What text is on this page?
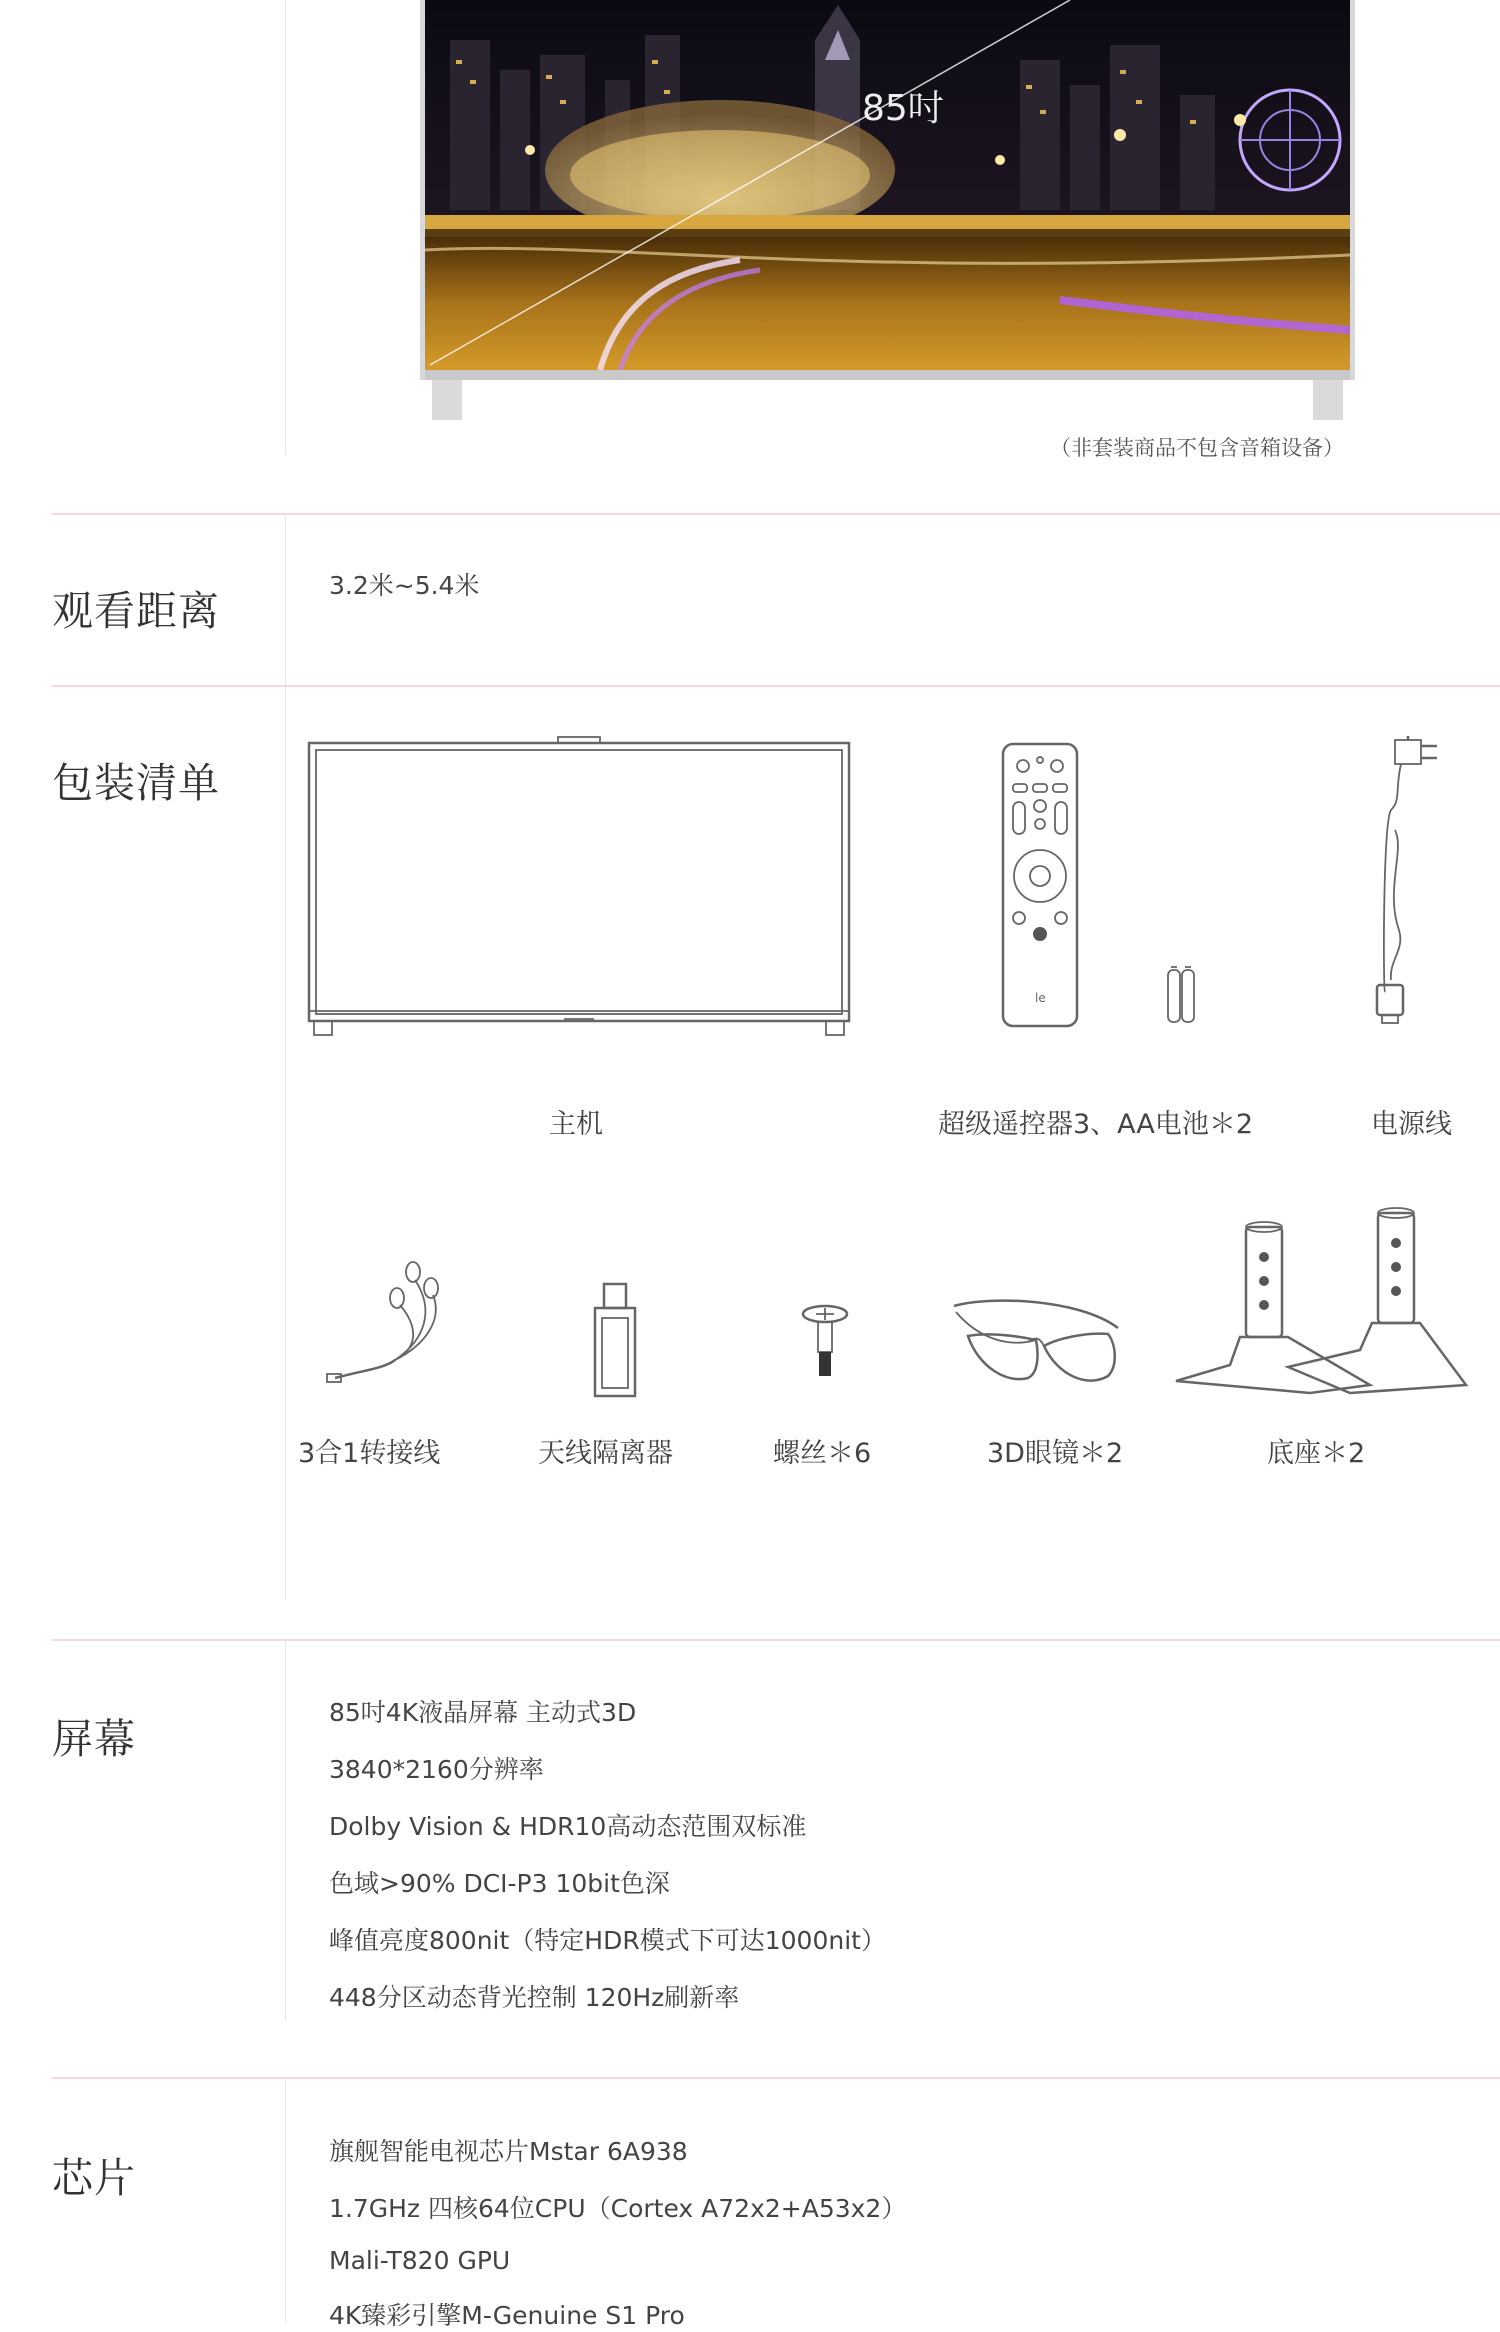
85吋
（非套装商品不包含音箱设备）
观看距离
3.2米~5.4米
包装清单
le
主机	超级遥控器3、AA电池＊2	电源线
3合1转接线	天线隔离器	螺丝＊6	3D眼镜＊2	底座＊2
屏幕
85吋4K液晶屏幕 主动式3D
3840*2160分辨率
Dolby Vision & HDR10高动态范围双标准
色域>90% DCI-P3 10bit色深
峰值亮度800nit（特定HDR模式下可达1000nit）
448分区动态背光控制 120Hz刷新率
芯片
旗舰智能电视芯片Mstar 6A938
1.7GHz 四核64位CPU（Cortex A72x2+A53x2）
Mali-T820 GPU
4K臻彩引擎M-Genuine S1 Pro
